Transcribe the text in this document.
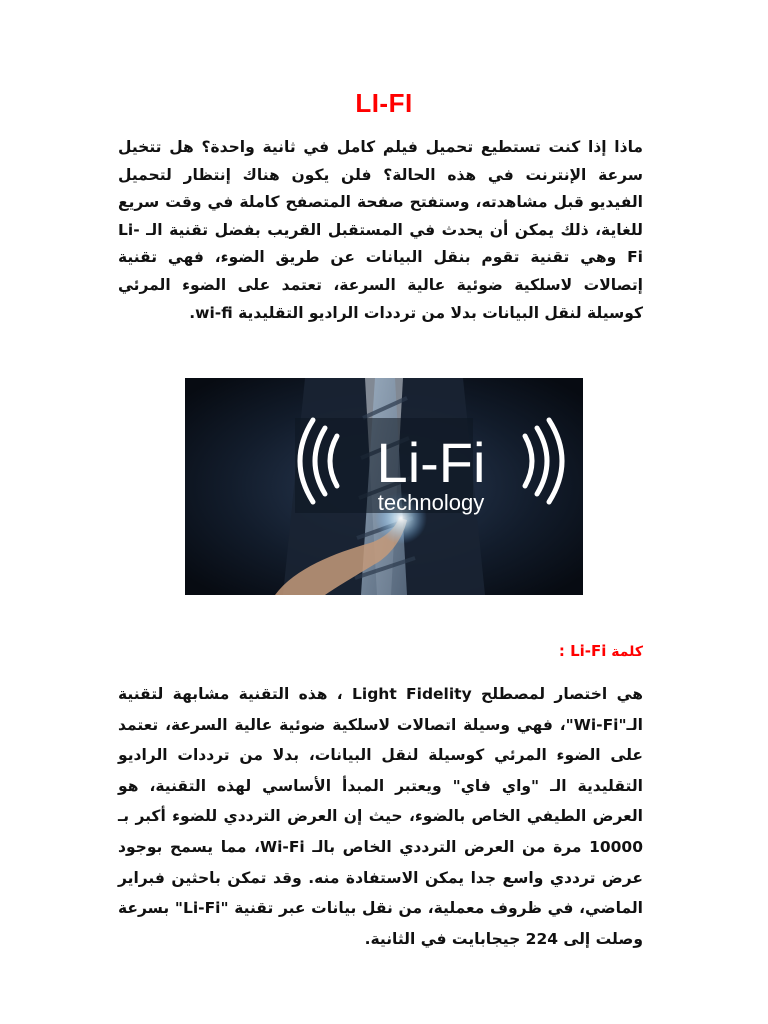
LI-FI

ماذا إذا كنت تستطيع تحميل فيلم كامل في ثانية واحدة؟ هل تتخيل سرعة الإنترنت في هذه الحالة؟ فلن يكون هناك إنتظار لتحميل الفيديو قبل مشاهدته، وستفتح صفحة المتصفح كاملة في وقت سريع للغاية، ذلك يمكن أن يحدث في المستقبل القريب بفضل تقنية الـ Li-Fi وهي تقنية تقوم بنقل البيانات عن طريق الضوء، فهي تقنية إتصالات لاسلكية ضوئية عالية السرعة، تعتمد على الضوء المرئي كوسيلة لنقل البيانات بدلا من ترددات الراديو التقليدية wi-fi.

Li-Fi
technology
كلمة Li-Fi :

هي اختصار لمصطلح Light Fidelity ، هذه التقنية مشابهة لتقنية الـ"Wi-Fi"، فهي وسيلة اتصالات لاسلكية ضوئية عالية السرعة، تعتمد على الضوء المرئي كوسيلة لنقل البيانات، بدلا من ترددات الراديو التقليدية الـ "واي فاي" ويعتبر المبدأ الأساسي لهذه التقنية، هو العرض الطيفي الخاص بالضوء، حيث إن العرض الترددي للضوء أكبر بـ 10000 مرة من العرض الترددي الخاص بالـ Wi-Fi، مما يسمح بوجود عرض ترددي واسع جدا يمكن الاستفادة منه. وقد تمكن باحثين فبراير الماضي، في ظروف معملية، من نقل بيانات عبر تقنية "Li-Fi" بسرعة وصلت إلى 224 جيجابايت في الثانية.
